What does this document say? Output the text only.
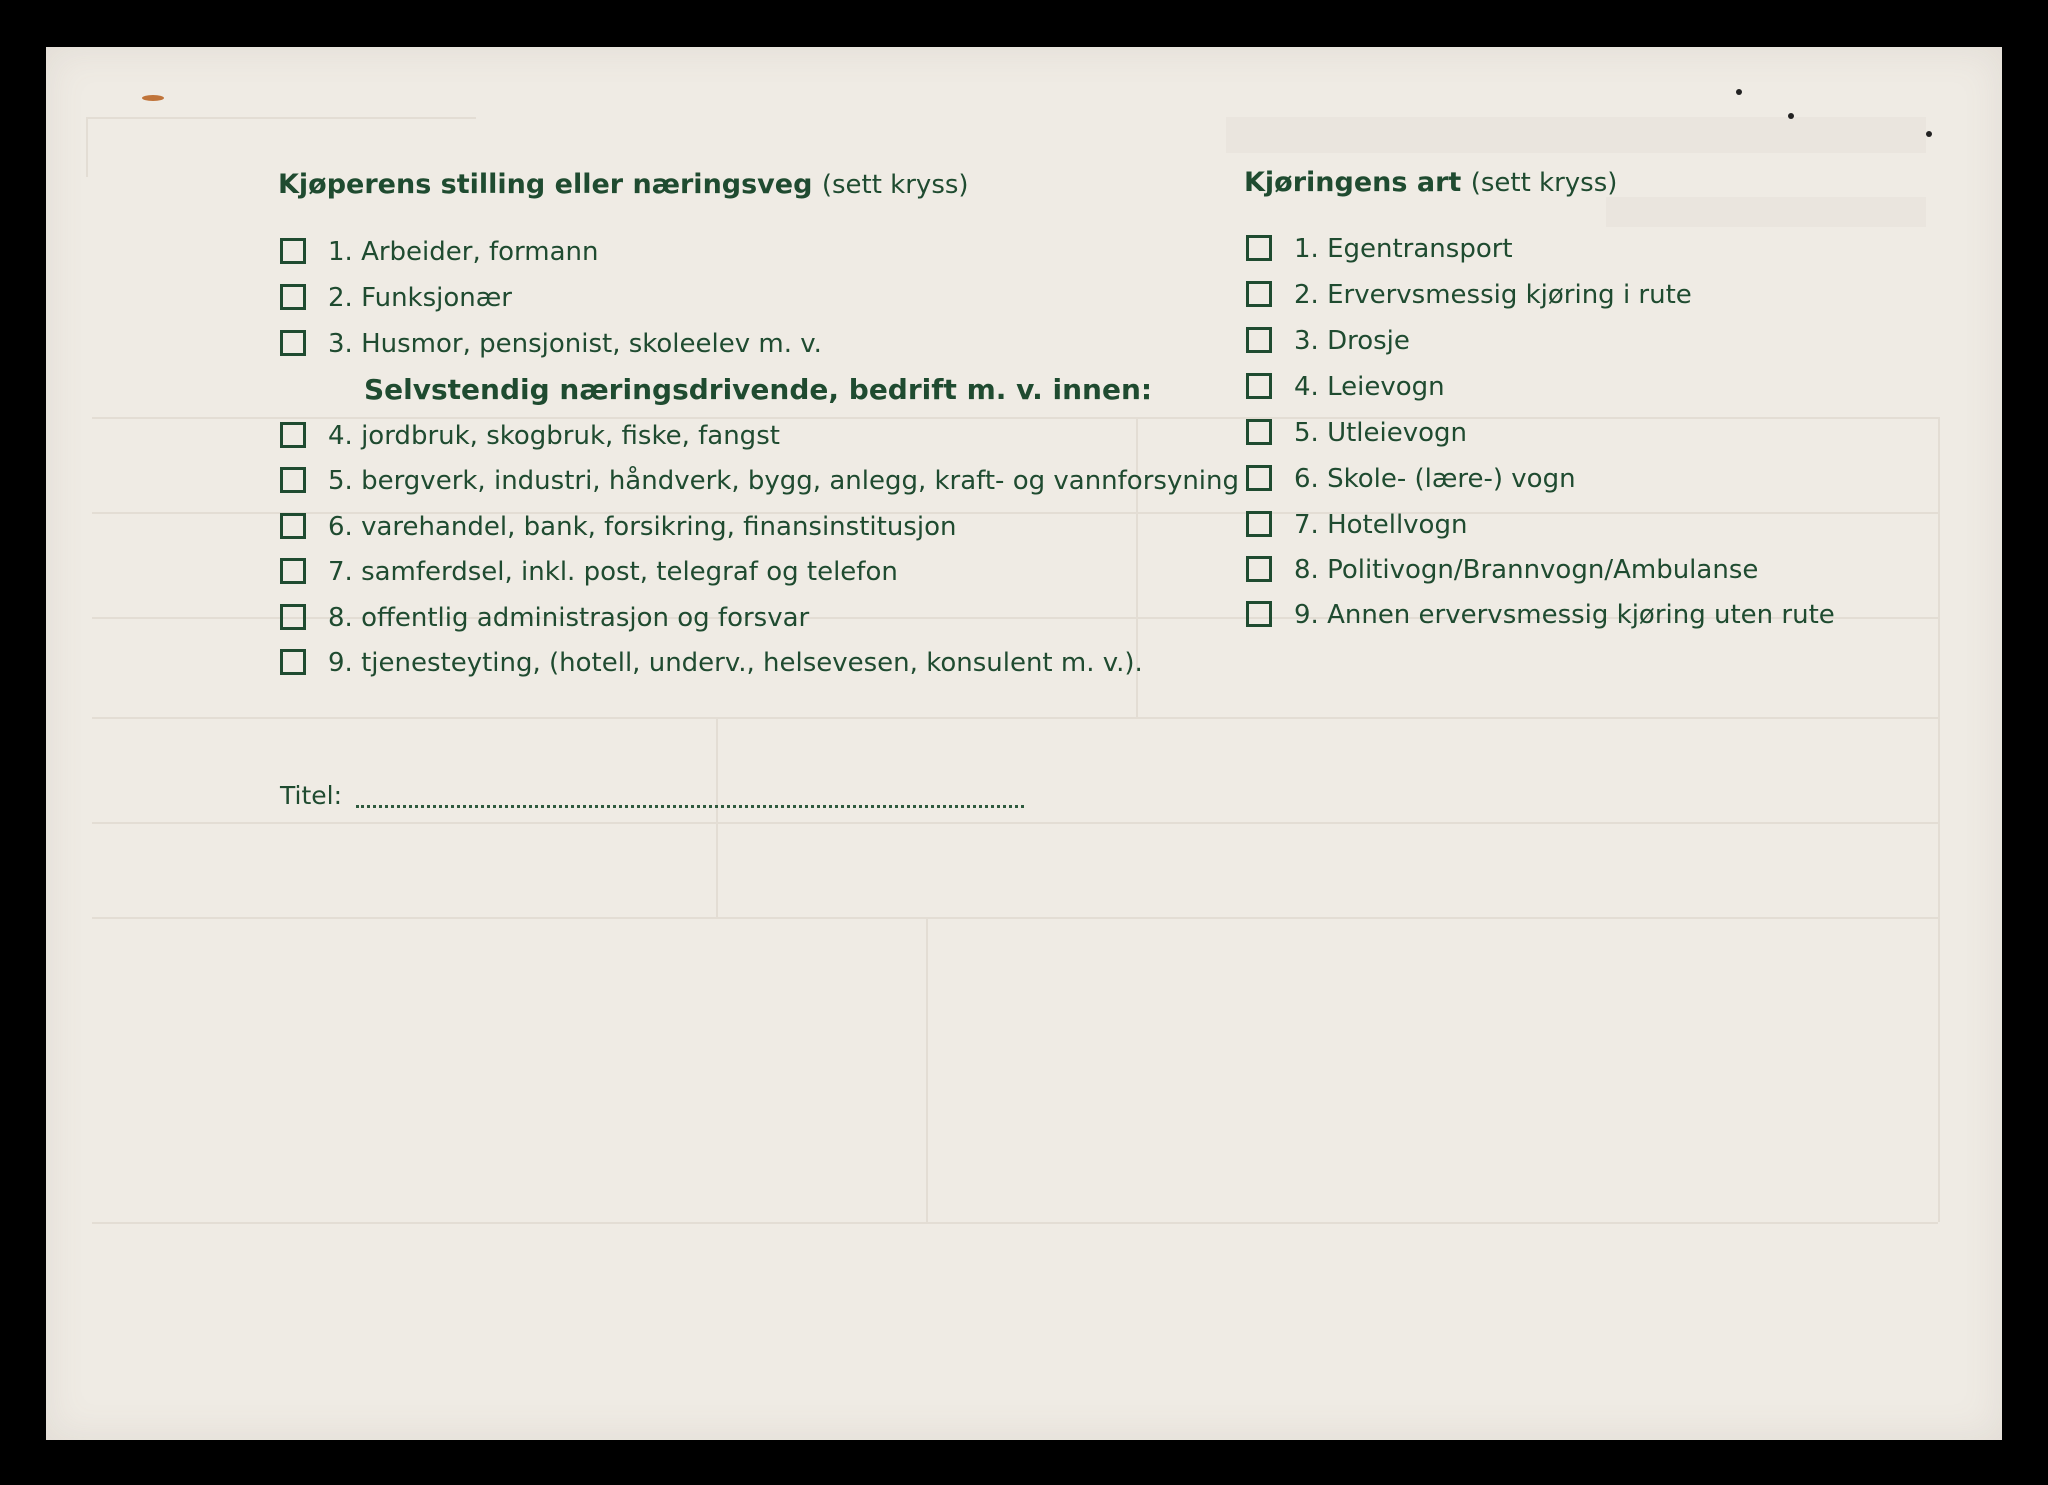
Kjøperens stilling eller næringsveg (sett kryss)	Kjøringens art (sett kryss)
1. Arbeider, formann
2. Funksjonær
3. Husmor, pensjonist, skoleelev m. v.
Selvstendig næringsdrivende, bedrift m. v. innen:
4. jordbruk, skogbruk, fiske, fangst
5. bergverk, industri, håndverk, bygg, anlegg, kraft- og vannforsyning
6. varehandel, bank, forsikring, finansinstitusjon
7. samferdsel, inkl. post, telegraf og telefon
8. offentlig administrasjon og forsvar
9. tjenesteyting, (hotell, underv., helsevesen, konsulent m. v.).
1. Egentransport
2. Ervervsmessig kjøring i rute
3. Drosje
4. Leievogn
5. Utleievogn
6. Skole- (lære-) vogn
7. Hotellvogn
8. Politivogn/Brannvogn/Ambulanse
9. Annen ervervsmessig kjøring uten rute
Titel:
